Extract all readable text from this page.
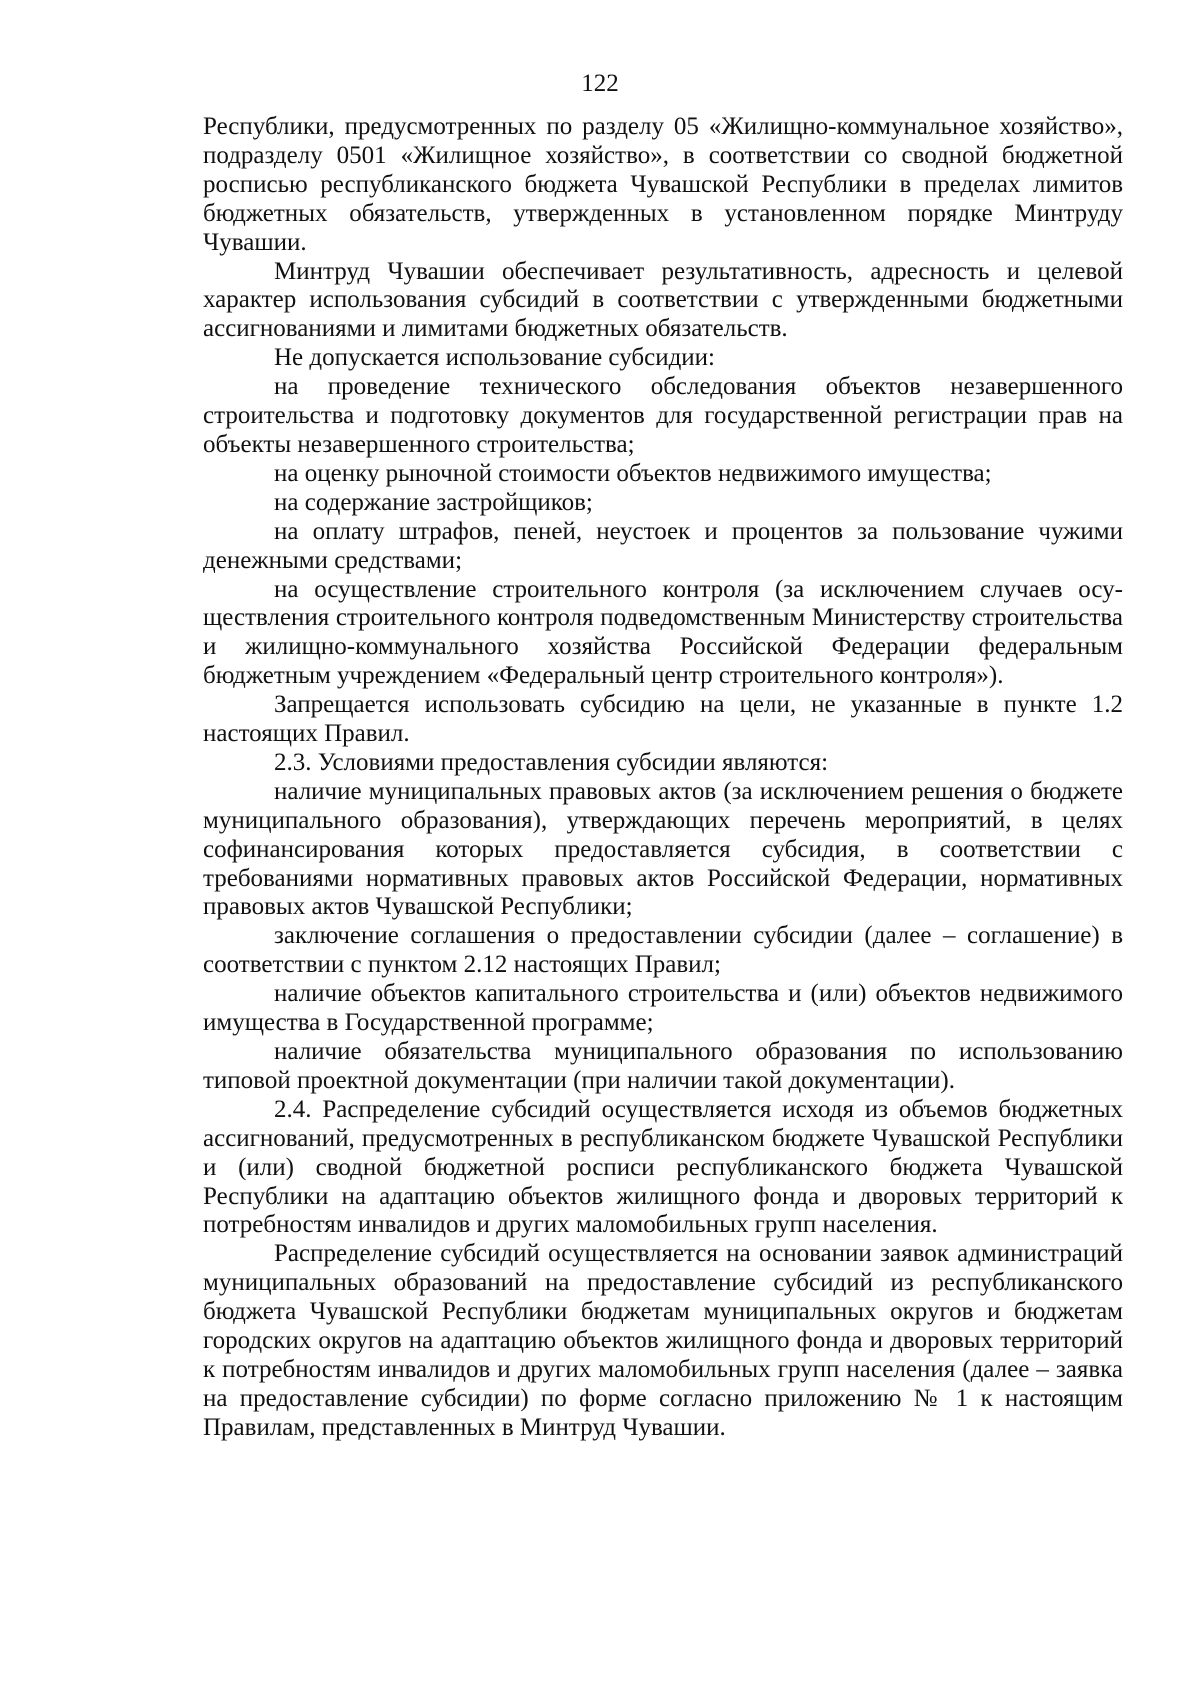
122

Республики, предусмотренных по разделу 05 «Жилищно-коммунальное хозяйство», подразделу 0501 «Жилищное хозяйство», в соответствии со сводной бюджетной росписью республиканского бюджета Чувашской Республики в пределах лимитов бюджетных обязательств, утвержденных в установленном порядке Минтруду Чувашии.

Минтруд Чувашии обеспечивает результативность, адресность и целевой характер использования субсидий в соответствии с утвержденными бюджетными ассигнованиями и лимитами бюджетных обязательств.

Не допускается использование субсидии:

на проведение технического обследования объектов незавершенного строительства и подготовку документов для государственной регистрации прав на объекты незавершенного строительства;

на оценку рыночной стоимости объектов недвижимого имущества;

на содержание застройщиков;

на оплату штрафов, пеней, неустоек и процентов за пользование чужими денежными средствами;

на осуществление строительного контроля (за исключением случаев осуществления строительного контроля подведомственным Министерству строительства и жилищно-коммунального хозяйства Российской Федерации федеральным бюджетным учреждением «Федеральный центр строительного контроля»).

Запрещается использовать субсидию на цели, не указанные в пункте 1.2 настоящих Правил.

2.3. Условиями предоставления субсидии являются:

наличие муниципальных правовых актов (за исключением решения о бюджете муниципального образования), утверждающих перечень мероприятий, в целях софинансирования которых предоставляется субсидия, в соответствии с требованиями нормативных правовых актов Российской Федерации, нормативных правовых актов Чувашской Республики;

заключение соглашения о предоставлении субсидии (далее – соглашение) в соответствии с пунктом 2.12 настоящих Правил;

наличие объектов капитального строительства и (или) объектов недвижимого имущества в Государственной программе;

наличие обязательства муниципального образования по использованию типовой проектной документации (при наличии такой документации).

2.4. Распределение субсидий осуществляется исходя из объемов бюджетных ассигнований, предусмотренных в республиканском бюджете Чувашской Республики и (или) сводной бюджетной росписи республиканского бюджета Чувашской Республики на адаптацию объектов жилищного фонда и дворовых территорий к потребностям инвалидов и других маломобильных групп населения.

Распределение субсидий осуществляется на основании заявок администраций муниципальных образований на предоставление субсидий из республиканского бюджета Чувашской Республики бюджетам муниципальных округов и бюджетам городских округов на адаптацию объектов жилищного фонда и дворовых территорий к потребностям инвалидов и других маломобильных групп населения (далее – заявка на предоставление субсидии) по форме согласно приложению № 1 к настоящим Правилам, представленных в Минтруд Чувашии.
